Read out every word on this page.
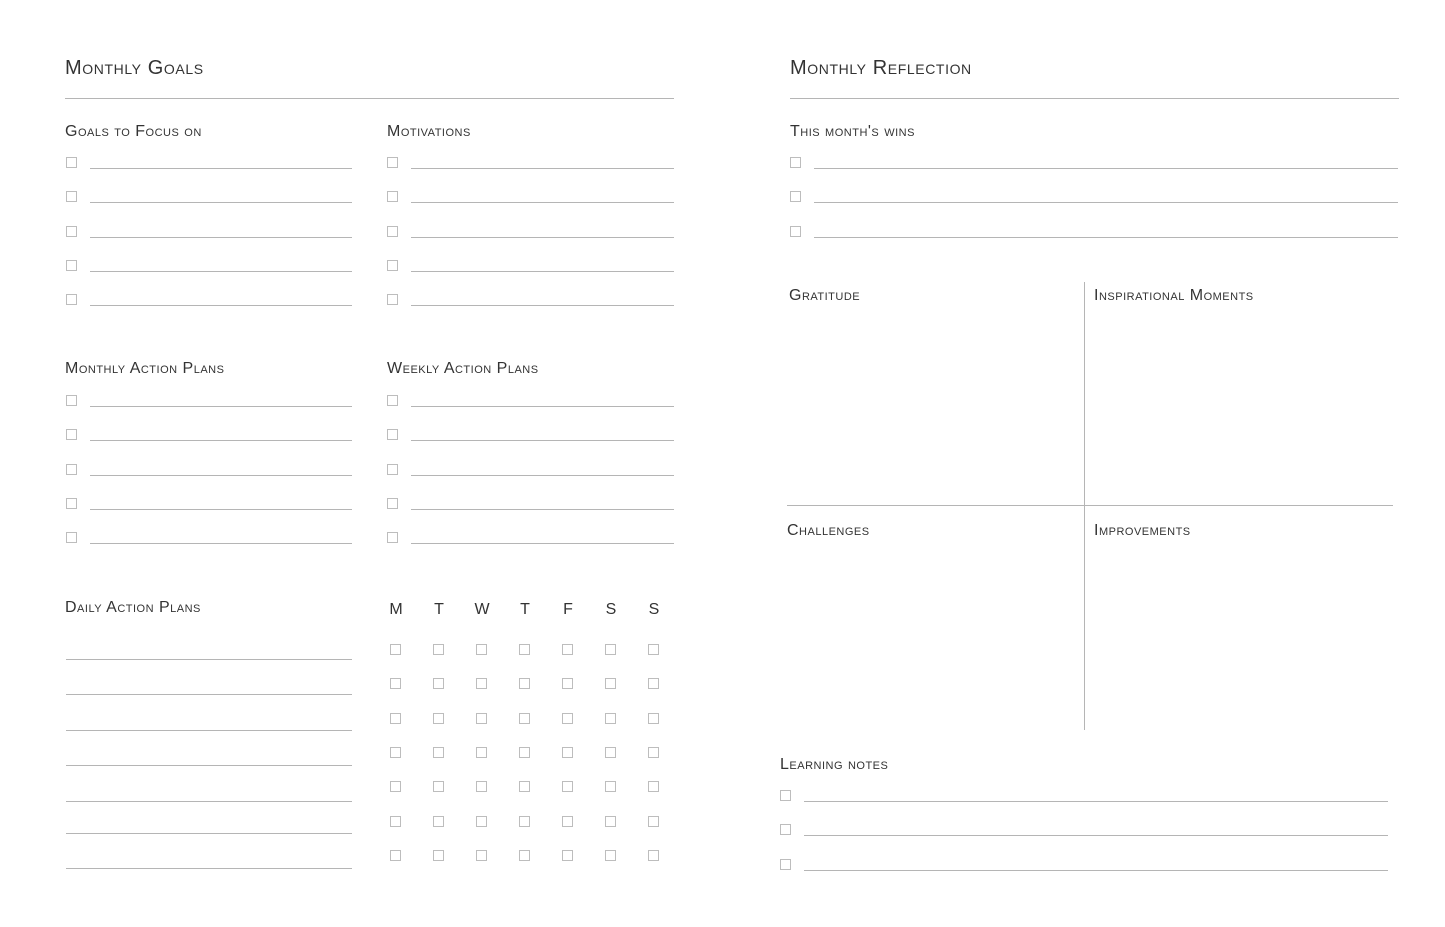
Monthly Goals
Goals to Focus on	Motivations
Monthly Action Plans	Weekly Action Plans
Daily Action Plans	M	T	W	T	F	S S
Monthly Reflection
This month's wins
Gratitude	Inspirational Moments
Challenges	Improvements
Learning notes
